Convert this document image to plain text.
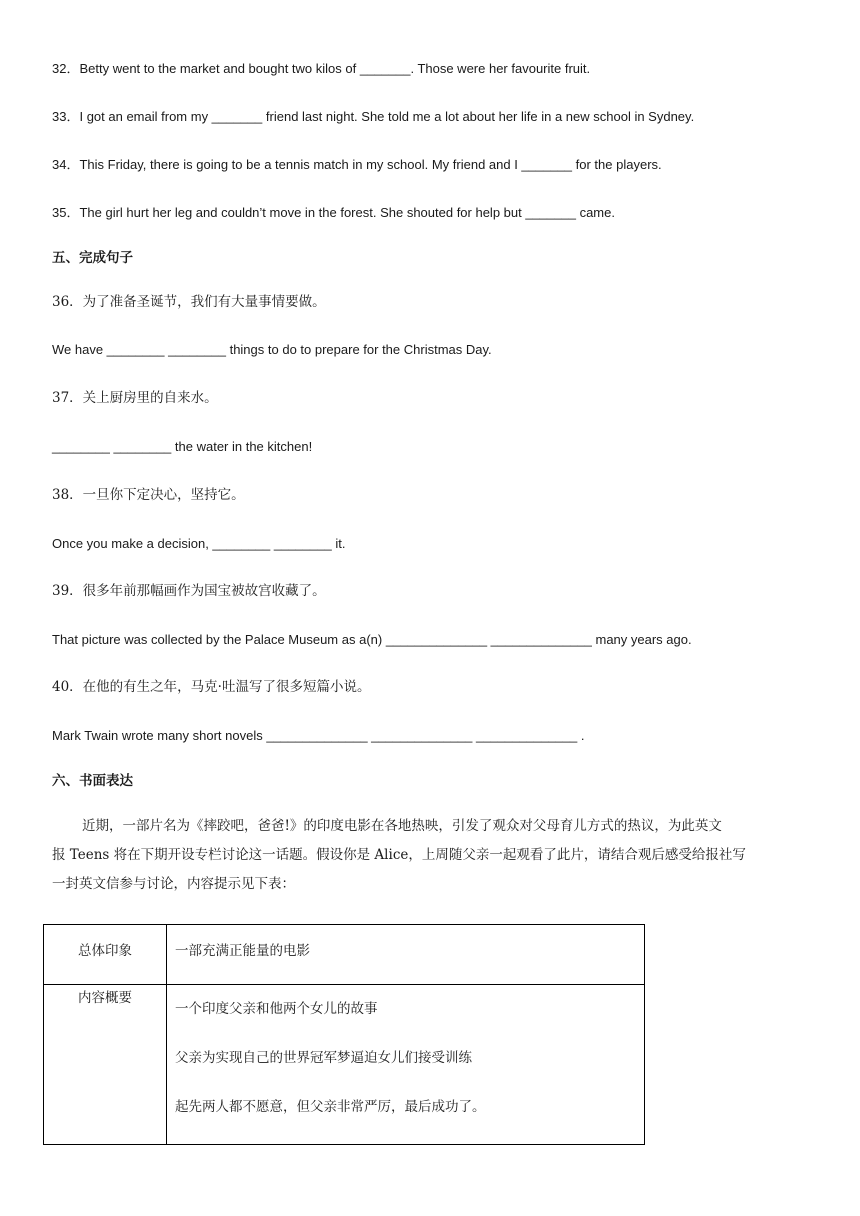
32．Betty went to the market and bought two kilos of _______. Those were her favourite fruit.
33．I got an email from my _______ friend last night. She told me a lot about her life in a new school in Sydney.
34．This Friday, there is going to be a tennis match in my school. My friend and I _______ for the players.
35．The girl hurt her leg and couldn’t move in the forest. She shouted for help but _______ came.
五、完成句子
36．为了准备圣诞节，我们有大量事情要做。
We have ________ ________ things to do to prepare for the Christmas Day.
37．关上厨房里的自来水。
________ ________ the water in the kitchen!
38．一旦你下定决心，坚持它。
Once you make a decision, ________ ________ it.
39．很多年前那幅画作为国宝被故宫收藏了。
That picture was collected by the Palace Museum as a(n) ______________ ______________ many years ago.
40．在他的有生之年，马克·吐温写了很多短篇小说。
Mark Twain wrote many short novels ______________ ______________ ______________ .
六、书面表达
近期，一部片名为《摔跤吧，爸爸!》的印度电影在各地热映，引发了观众对父母育儿方式的热议，为此英文
报 Teens 将在下期开设专栏讨论这一话题。假设你是 Alice，上周随父亲一起观看了此片，请结合观后感受给报社写
一封英文信参与讨论，内容提示见下表：
总体印象	一部充满正能量的电影
内容概要	一个印度父亲和他两个女儿的故事
父亲为实现自己的世界冠军梦逼迫女儿们接受训练
起先两人都不愿意，但父亲非常严厉，最后成功了。
